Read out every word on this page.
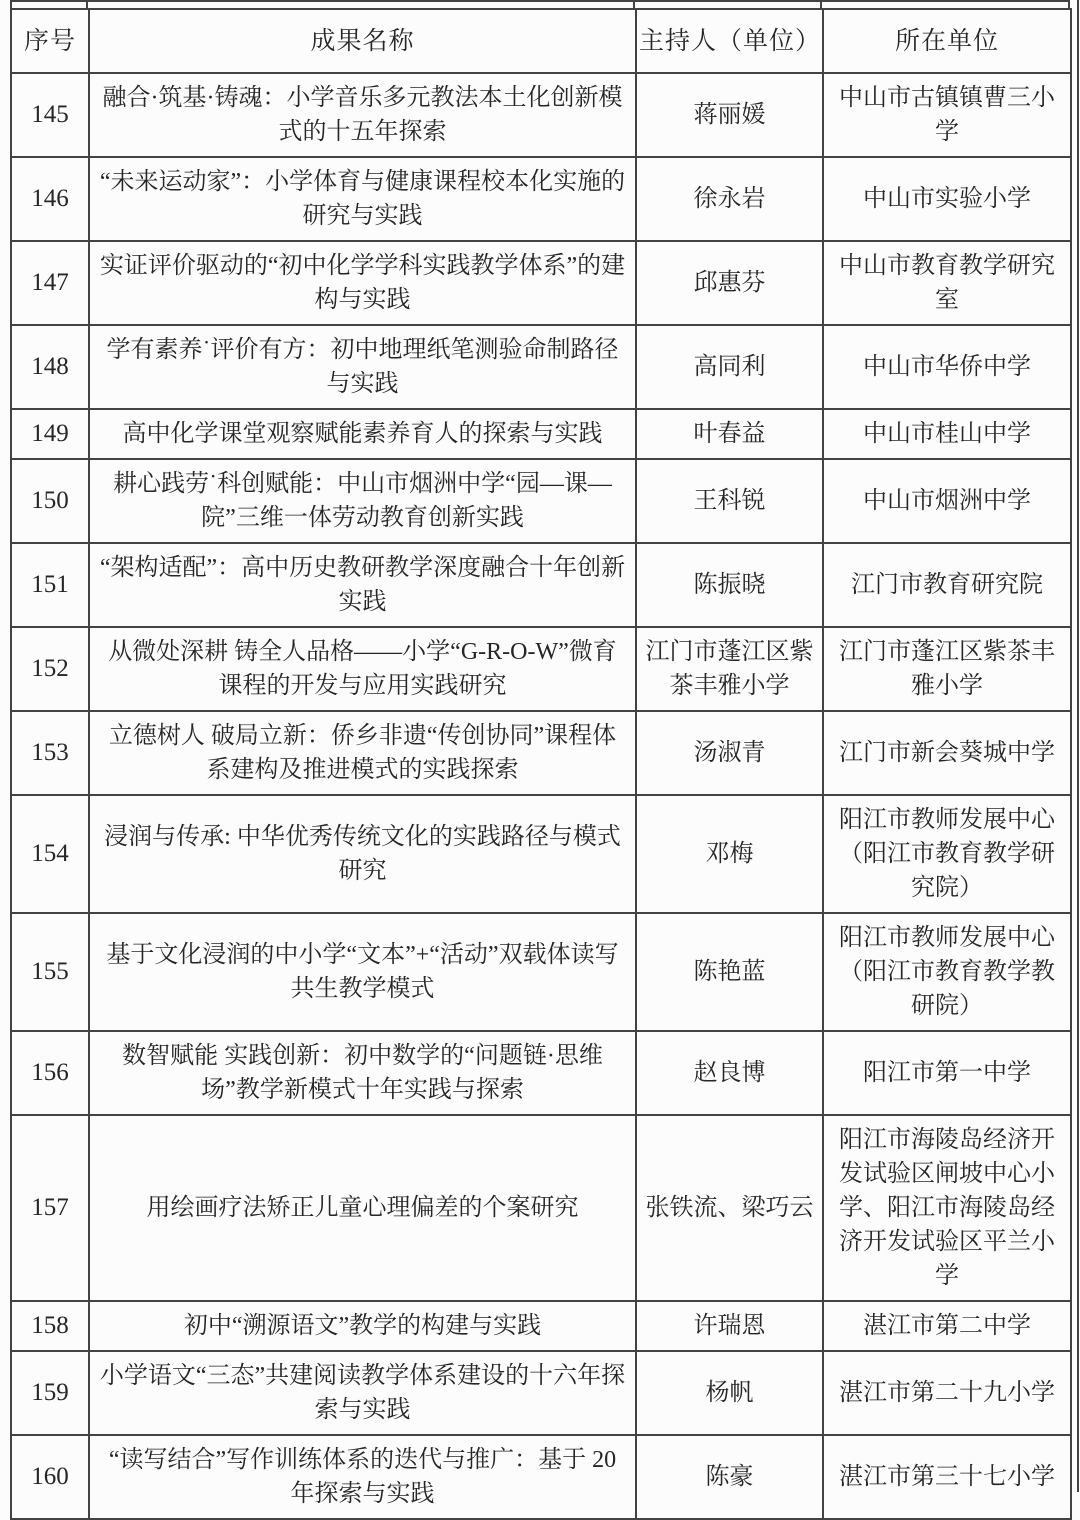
序号	成果名称	主持人（单位）	所在单位
145	融合·筑基·铸魂：小学音乐多元教法本土化创新模式的十五年探索	蒋丽媛	中山市古镇镇曹三小学
146	“未来运动家”：小学体育与健康课程校本化实施的研究与实践	徐永岩	中山市实验小学
147	实证评价驱动的“初中化学学科实践教学体系”的建构与实践	邱惠芬	中山市教育教学研究室
148	学有素养˙评价有方：初中地理纸笔测验命制路径与实践	高同利	中山市华侨中学
149	高中化学课堂观察赋能素养育人的探索与实践	叶春益	中山市桂山中学
150	耕心践劳˙科创赋能：中山市烟洲中学“园—课—院”三维一体劳动教育创新实践	王科锐	中山市烟洲中学
151	“架构适配”：高中历史教研教学深度融合十年创新实践	陈振晓	江门市教育研究院
152	从微处深耕 铸全人品格——小学“G-R-O-W”微育课程的开发与应用实践研究	江门市蓬江区紫茶丰雅小学	江门市蓬江区紫茶丰雅小学
153	立德树人 破局立新：侨乡非遗“传创协同”课程体系建构及推进模式的实践探索	汤淑青	江门市新会葵城中学
154	浸润与传承: 中华优秀传统文化的实践路径与模式研究	邓梅	阳江市教师发展中心（阳江市教育教学研究院）
155	基于文化浸润的中小学“文本”+“活动”双载体读写共生教学模式	陈艳蓝	阳江市教师发展中心（阳江市教育教学教研院）
156	数智赋能 实践创新：初中数学的“问题链·思维场”教学新模式十年实践与探索	赵良博	阳江市第一中学
157	用绘画疗法矫正儿童心理偏差的个案研究	张铁流、梁巧云	阳江市海陵岛经济开发试验区闸坡中心小学、阳江市海陵岛经济开发试验区平兰小学
158	初中“溯源语文”教学的构建与实践	许瑞恩	湛江市第二中学
159	小学语文“三态”共建阅读教学体系建设的十六年探索与实践	杨帆	湛江市第二十九小学
160	“读写结合”写作训练体系的迭代与推广：基于 20 年探索与实践	陈豪	湛江市第三十七小学
